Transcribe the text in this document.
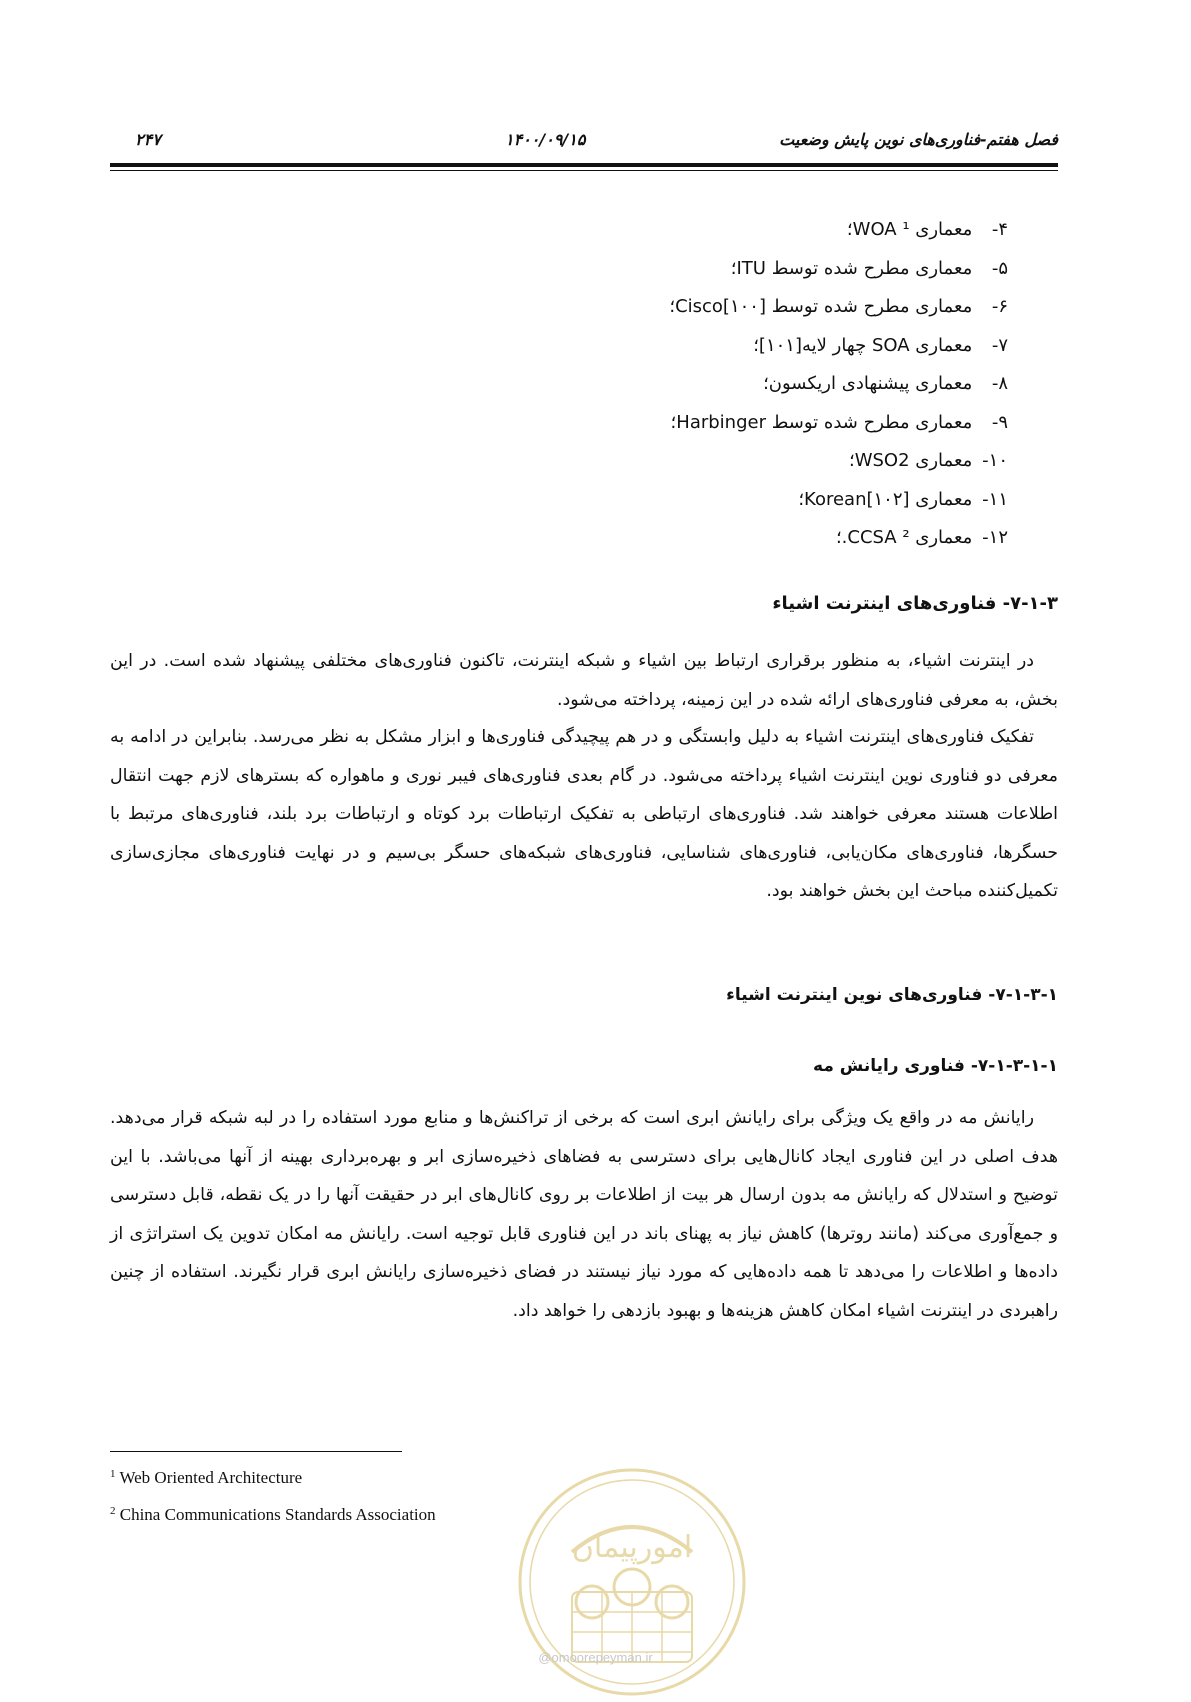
فصل هفتم-فناوری‌های نوین پایش وضعیت
۱۴۰۰/۰۹/۱۵
۲۴۷
۴- معماری WOA ¹؛
۵- معماری مطرح شده توسط ITU؛
۶- معماری مطرح شده توسط Cisco[۱۰۰]؛
۷- معماری SOA چهار لایه[۱۰۱]؛
۸- معماری پیشنهادی اریکسون؛
۹- معماری مطرح شده توسط Harbinger؛
۱۰- معماری WSO2؛
۱۱- معماری Korean[۱۰۲]؛
۱۲- معماری CCSA ².؛
۷-۱-۳- فناوری‌های اینترنت اشیاء

در اینترنت اشیاء، به منظور برقراری ارتباط بین اشیاء و شبکه اینترنت، تاکنون فناوری‌های مختلفی پیشنهاد شده است. در این بخش، به معرفی فناوری‌های ارائه شده در این زمینه، پرداخته می‌شود.

تفکیک فناوری‌های اینترنت اشیاء به دلیل وابستگی و در هم پیچیدگی فناوری‌ها و ابزار مشکل به نظر می‌رسد. بنابراین در ادامه به معرفی دو فناوری نوین اینترنت اشیاء پرداخته می‌شود. در گام بعدی فناوری‌های فیبر نوری و ماهواره که بسترهای لازم جهت انتقال اطلاعات هستند معرفی خواهند شد. فناوری‌های ارتباطی به تفکیک ارتباطات برد کوتاه و ارتباطات برد بلند، فناوری‌های مرتبط با حسگرها، فناوری‌های مکان‌یابی، فناوری‌های شناسایی، فناوری‌های شبکه‌های حسگر بی‌سیم و در نهایت فناوری‌های مجازی‌سازی تکمیل‌کننده مباحث این بخش خواهند بود.

۷-۱-۳-۱- فناوری‌های نوین اینترنت اشیاء
۷-۱-۳-۱-۱- فناوری رایانش مه

رایانش مه در واقع یک ویژگی برای رایانش ابری است که برخی از تراکنش‌ها و منابع مورد استفاده را در لبه شبکه قرار می‌دهد. هدف اصلی در این فناوری ایجاد کانال‌هایی برای دسترسی به فضاهای ذخیره‌سازی ابر و بهره‌برداری بهینه از آنها می‌باشد. با این توضیح و استدلال که رایانش مه بدون ارسال هر بیت از اطلاعات بر روی کانال‌های ابر در حقیقت آنها را در یک نقطه، قابل دسترسی و جمع‌آوری می‌کند (مانند روترها) کاهش نیاز به پهنای باند در این فناوری قابل توجیه است. رایانش مه امکان تدوین یک استراتژی از داده‌ها و اطلاعات را می‌دهد تا همه داده‌هایی که مورد نیاز نیستند در فضای ذخیره‌سازی رایانش ابری قرار نگیرند. استفاده از چنین راهبردی در اینترنت اشیاء امکان کاهش هزینه‌ها و بهبود بازدهی را خواهد داد.

$^1$ Web Oriented Architecture
$^2$ China Communications Standards Association
امورپیمان
@omoorepeyman.ir
